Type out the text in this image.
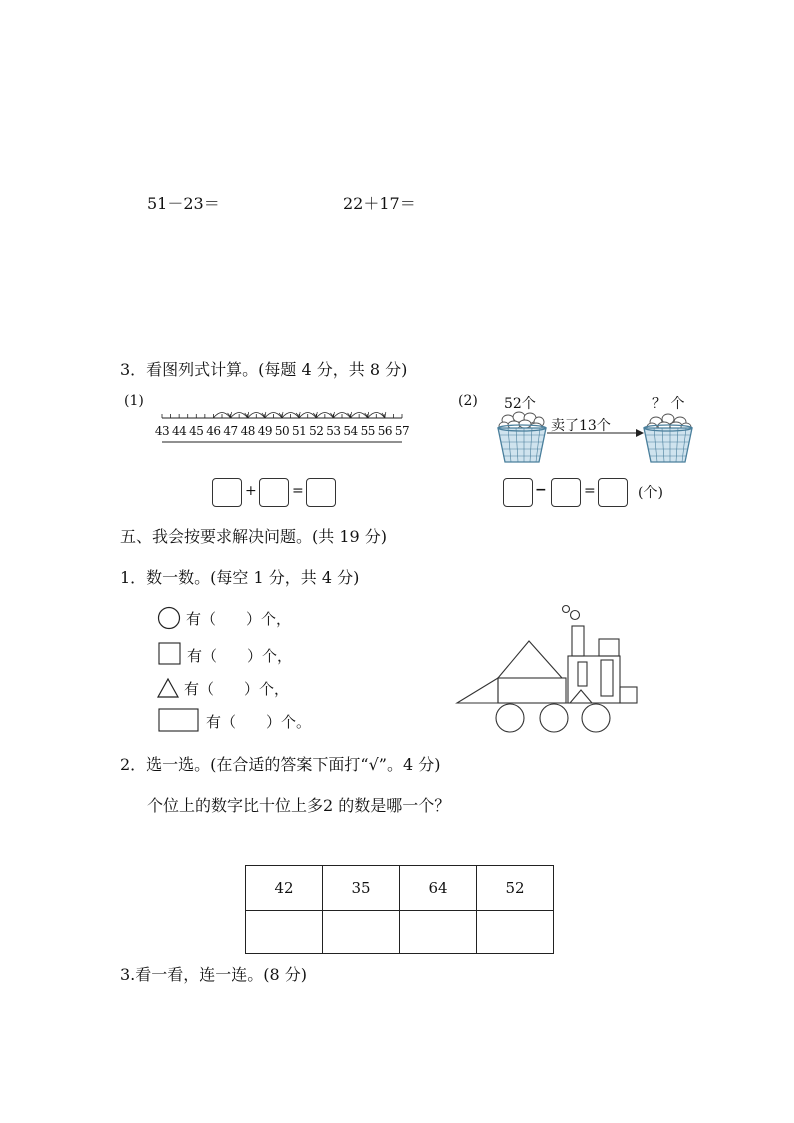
51－23＝	22＋17＝
3．看图列式计算。(每题 4 分，共 8 分)
(1)
43 44 45 46 47 48 49 50 51 52 53 54 55 56 57
+	=
(2) 52个	？ 个
卖了13个
−	=	(个)
五、我会按要求解决问题。(共 19 分)
1．数一数。(每空 1 分，共 4 分)
有（　　）个，
有（　　）个，
有（　　）个，
有（　　）个。
2．选一选。(在合适的答案下面打“√”。4 分)
个位上的数字比十位上多2 的数是哪一个？
42	35	64	52

3.看一看，连一连。(8 分)
